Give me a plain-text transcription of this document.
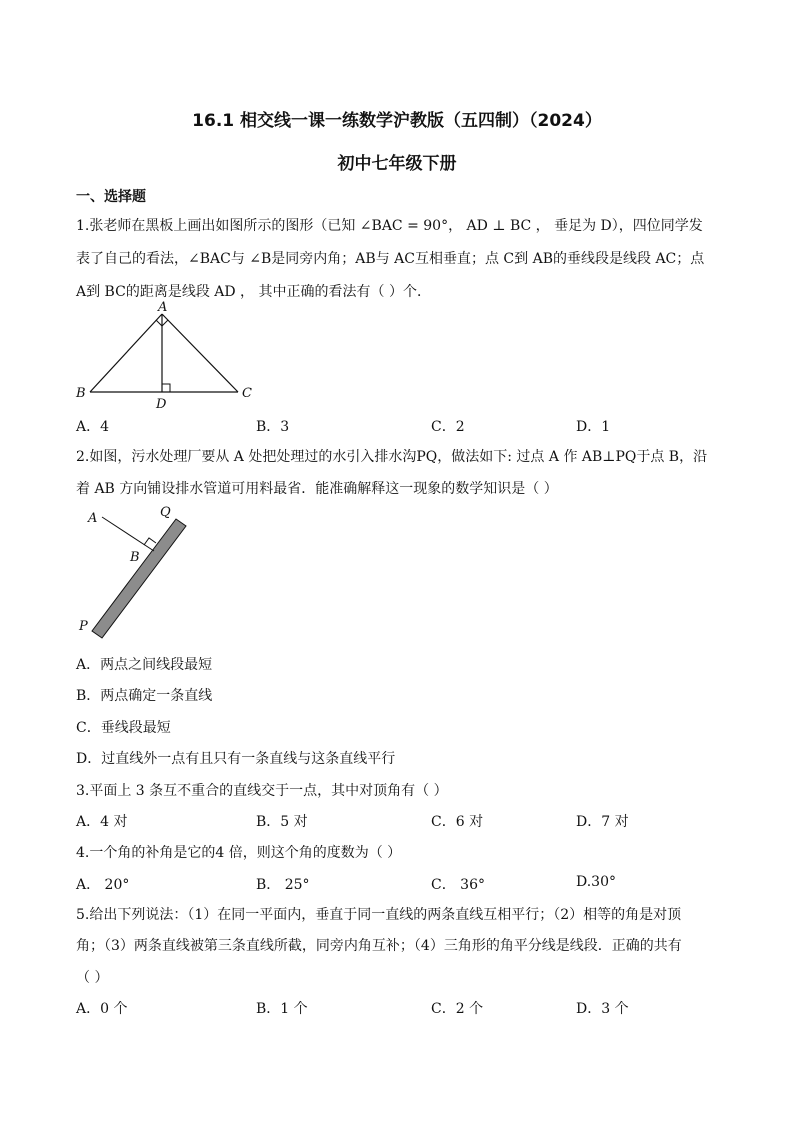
16.1 相交线一课一练数学沪教版（五四制）（2024）
初中七年级下册
一、选择题
1.张老师在黑板上画出如图所示的图形（已知 ∠BAC = 90°， AD ⊥ BC ， 垂足为 D），四位同学发
表了自己的看法，∠BAC与 ∠B是同旁内角；AB与 AC互相垂直；点 C到 AB的垂线段是线段 AC；点
A到 BC的距离是线段 AD ， 其中正确的看法有（ ）个．
A
B	C
D
A．4	B．3	C．2	D．1
2.如图，污水处理厂要从 A 处把处理过的水引入排水沟PQ，做法如下: 过点 A 作 AB⊥PQ于点 B，沿
着 AB 方向铺设排水管道可用料最省．能准确解释这一现象的数学知识是（ ）
A
B
Q
P
A．两点之间线段最短
B．两点确定一条直线
C．垂线段最短
D．过直线外一点有且只有一条直线与这条直线平行
3.平面上 3 条互不重合的直线交于一点，其中对顶角有（ ）
A．4 对	B．5 对	C．6 对	D．7 对
4.一个角的补角是它的4 倍，则这个角的度数为（ ）
A． 20°	B． 25°	C． 36°	D.30°
5.给出下列说法：（1）在同一平面内，垂直于同一直线的两条直线互相平行；（2）相等的角是对顶
角；（3）两条直线被第三条直线所截，同旁内角互补；（4）三角形的角平分线是线段．正确的共有
（ ）
A．0 个	B．1 个	C．2 个	D．3 个
